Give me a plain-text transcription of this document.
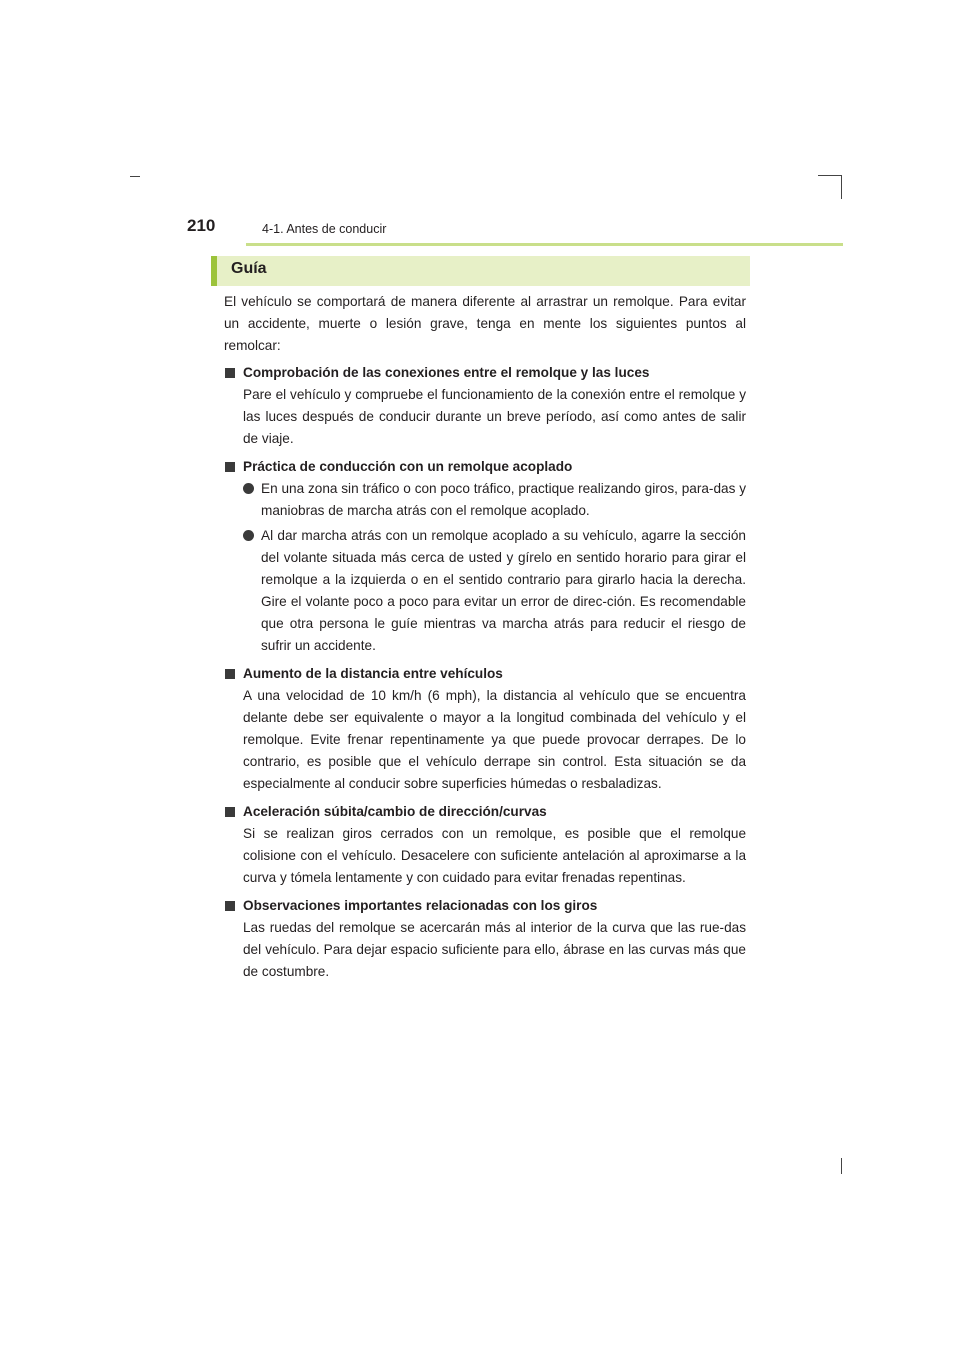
210	4-1. Antes de conducir
Guía

El vehículo se comportará de manera diferente al arrastrar un remolque. Para evitar un accidente, muerte o lesión grave, tenga en mente los siguientes puntos al remolcar:

Comprobación de las conexiones entre el remolque y las luces

Pare el vehículo y compruebe el funcionamiento de la conexión entre el remolque y las luces después de conducir durante un breve período, así como antes de salir de viaje.

Práctica de conducción con un remolque acoplado

En una zona sin tráfico o con poco tráfico, practique realizando giros, para-das y maniobras de marcha atrás con el remolque acoplado.

Al dar marcha atrás con un remolque acoplado a su vehículo, agarre la sección del volante situada más cerca de usted y gírelo en sentido horario para girar el remolque a la izquierda o en el sentido contrario para girarlo hacia la derecha. Gire el volante poco a poco para evitar un error de direc-ción. Es recomendable que otra persona le guíe mientras va marcha atrás para reducir el riesgo de sufrir un accidente.

Aumento de la distancia entre vehículos

A una velocidad de 10 km/h (6 mph), la distancia al vehículo que se encuentra delante debe ser equivalente o mayor a la longitud combinada del vehículo y el remolque. Evite frenar repentinamente ya que puede provocar derrapes. De lo contrario, es posible que el vehículo derrape sin control. Esta situación se da especialmente al conducir sobre superficies húmedas o resbaladizas.

Aceleración súbita/cambio de dirección/curvas

Si se realizan giros cerrados con un remolque, es posible que el remolque colisione con el vehículo. Desacelere con suficiente antelación al aproximarse a la curva y tómela lentamente y con cuidado para evitar frenadas repentinas.

Observaciones importantes relacionadas con los giros

Las ruedas del remolque se acercarán más al interior de la curva que las rue-das del vehículo. Para dejar espacio suficiente para ello, ábrase en las curvas más que de costumbre.
